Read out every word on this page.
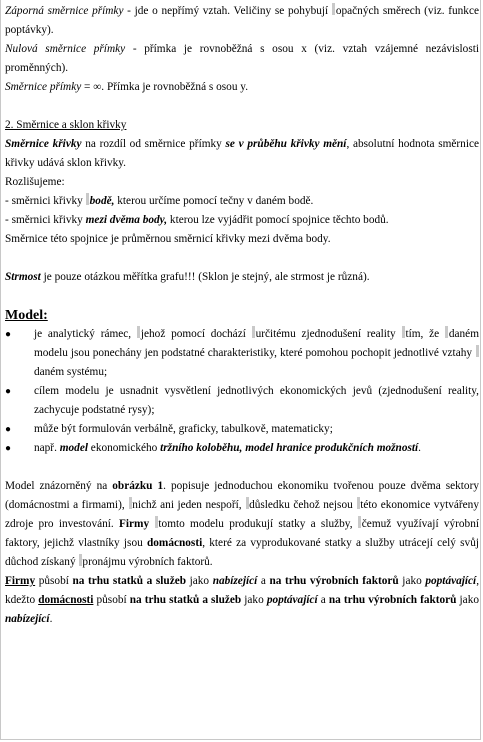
Záporná směrnice přímky - jde o nepřímý vztah. Veličiny se pohybují opačných směrech (viz. funkce poptávky).

Nulová směrnice přímky - přímka je rovnoběžná s osou x (viz. vztah vzájemné nezávislosti proměnných).

Směrnice přímky = ∞. Přímka je rovnoběžná s osou y.

2. Směrnice a sklon křivky

Směrnice křivky na rozdíl od směrnice přímky se v průběhu křivky mění, absolutní hodnota směrnice křivky udává sklon křivky.

Rozlišujeme:

- směrnici křivky bodě, kterou určíme pomocí tečny v daném bodě.

- směrnici křivky mezi dvěma body, kterou lze vyjádřit pomocí spojnice těchto bodů.

Směrnice této spojnice je průměrnou směrnicí křivky mezi dvěma body.

Strmost je pouze otázkou měřítka grafu!!! (Sklon je stejný, ale strmost je různá).

Model:
● je analytický rámec, jehož pomocí dochází určitému zjednodušení reality tím, že daném modelu jsou ponechány jen podstatné charakteristiky, které pomohou pochopit jednotlivé vztahy daném systému;
● cílem modelu je usnadnit vysvětlení jednotlivých ekonomických jevů (zjednodušení reality, zachycuje podstatné rysy);
● může být formulován verbálně, graficky, tabulkově, matematicky;
● např. model ekonomického tržního koloběhu, model hranice produkčních možností.

Model znázorněný na obrázku 1. popisuje jednoduchou ekonomiku tvořenou pouze dvěma sektory (domácnostmi a firmami), nichž ani jeden nespoří, důsledku čehož nejsou této ekonomice vytvářeny zdroje pro investování. Firmy tomto modelu produkují statky a služby, čemuž využívají výrobní faktory, jejichž vlastníky jsou domácnosti, které za vyprodukované statky a služby utrácejí celý svůj důchod získaný pronájmu výrobních faktorů.

Firmy působí na trhu statků a služeb jako nabízející a na trhu výrobních faktorů jako poptávající, kdežto domácnosti působí na trhu statků a služeb jako poptávající a na trhu výrobních faktorů jako nabízející.
